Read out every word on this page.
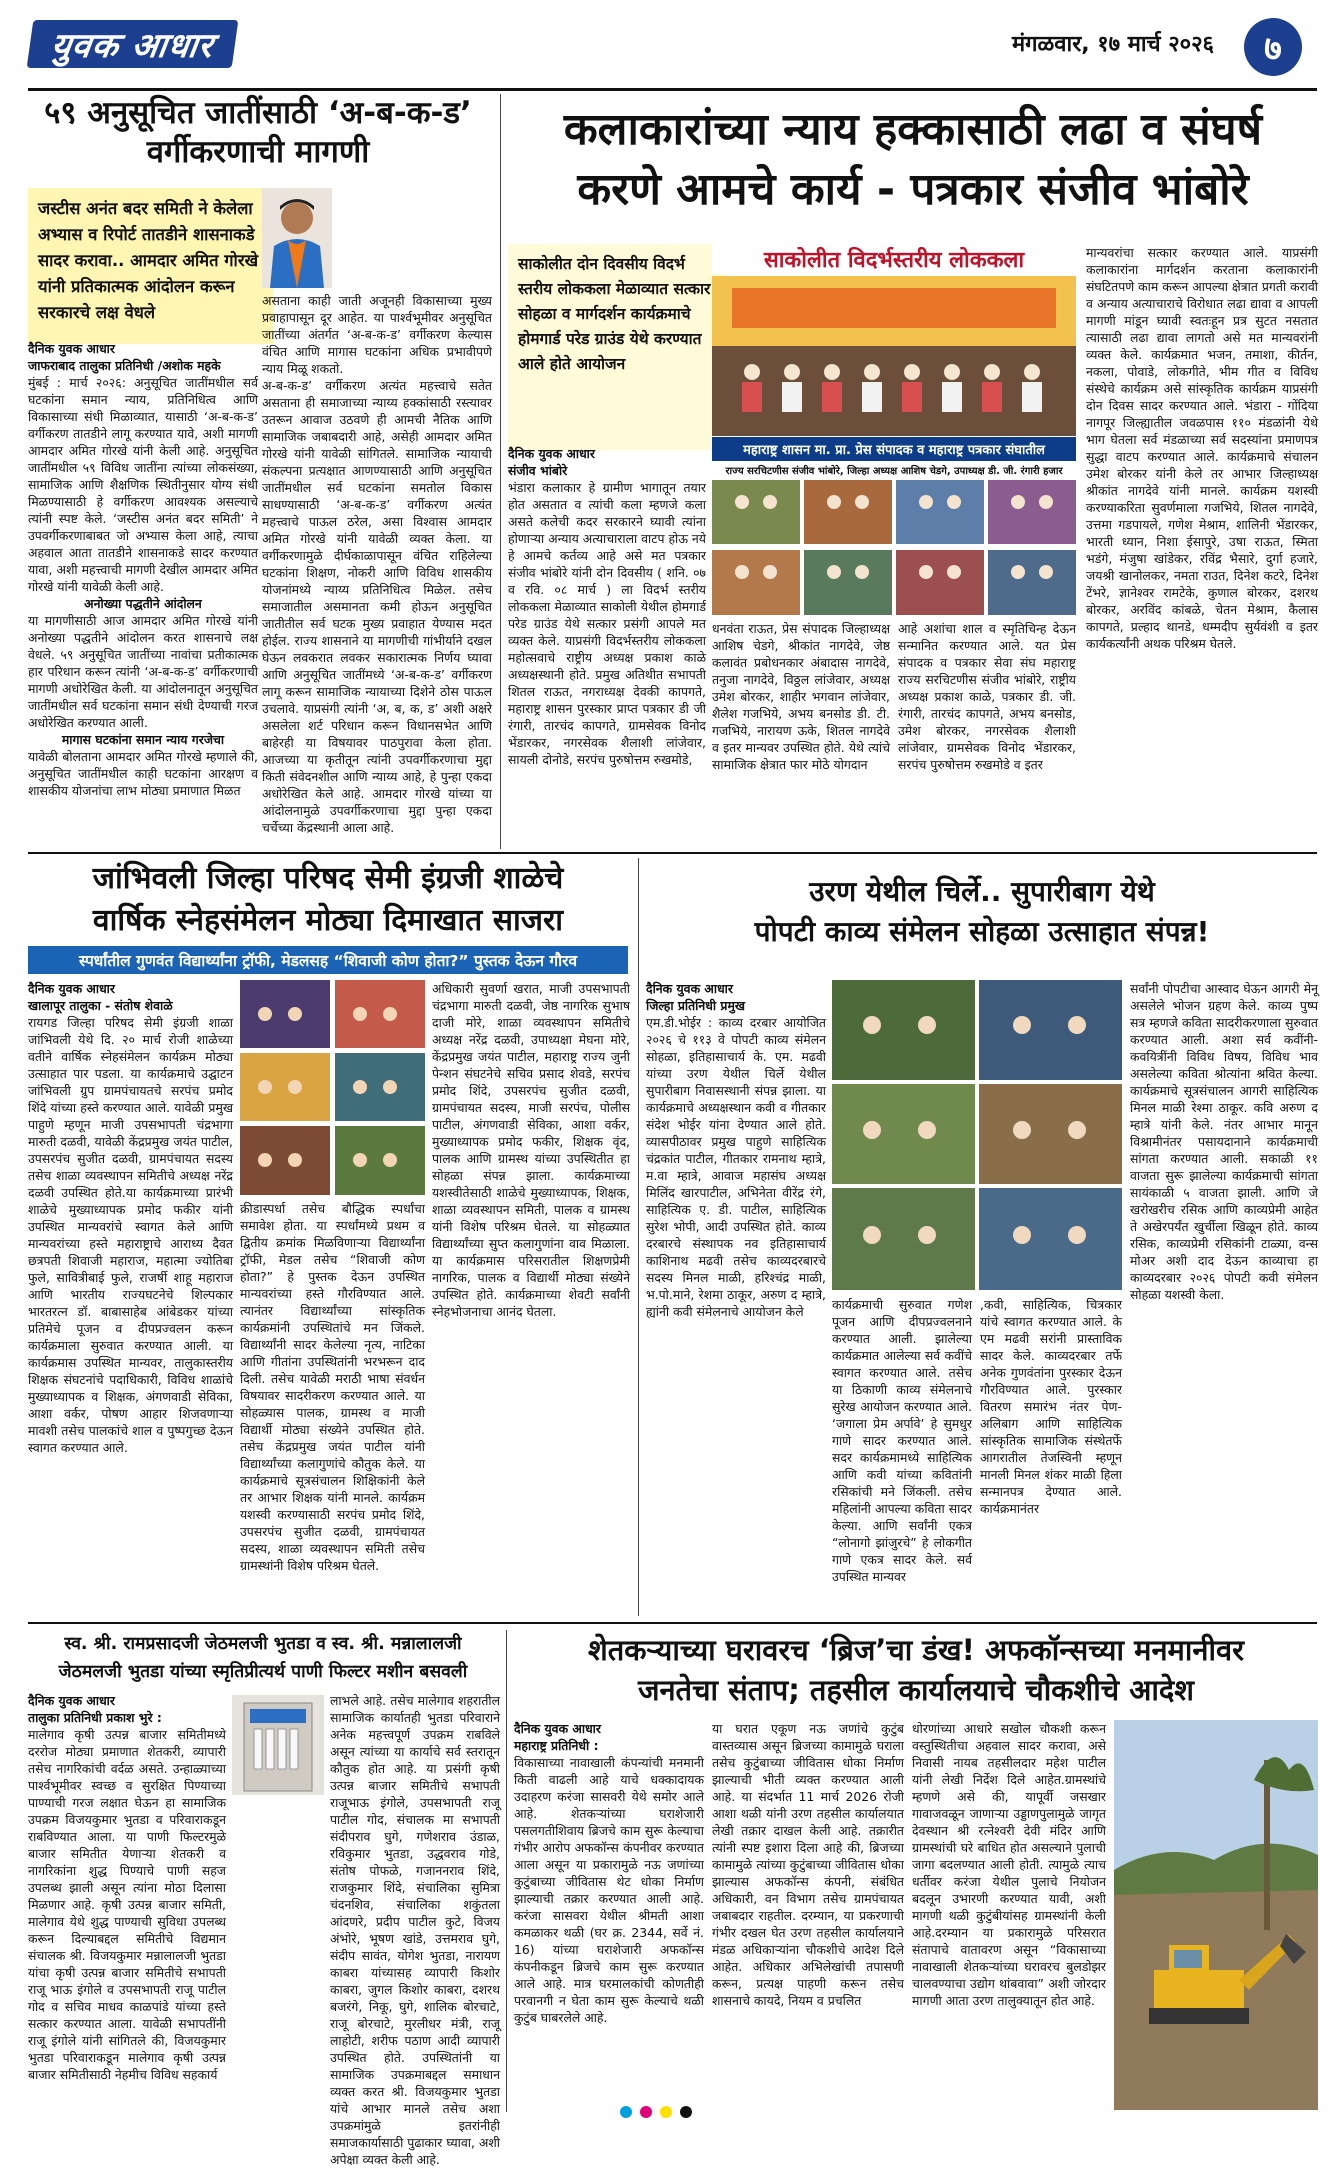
युवक आधार	मंगळवार, १७ मार्च २०२६	७
५९ अनुसूचित जातींसाठी ‘अ-ब-क-ड’ वर्गीकरणाची मागणी
जस्टीस अनंत बदर समिती ने केलेला अभ्यास व रिपोर्ट तातडीने शासनाकडे सादर करावा.. आमदार अमित गोरखे यांनी प्रतिकात्मक आंदोलन करून सरकारचे लक्ष वेधले
दैनिक युवक आधार
जाफराबाद तालुका प्रतिनिधी /अशोक महके

मुंबई : मार्च २०२६: अनुसूचित जातींमधील सर्व घटकांना समान न्याय, प्रतिनिधित्व आणि विकासाच्या संधी मिळाव्यात, यासाठी ‘अ-ब-क-ड’ वर्गीकरण तातडीने लागू करण्यात यावे, अशी मागणी आमदार अमित गोरखे यांनी केली आहे. अनुसूचित जातींमधील ५९ विविध जातींना त्यांच्या लोकसंख्या, सामाजिक आणि शैक्षणिक स्थितीनुसार योग्य संधी मिळण्यासाठी हे वर्गीकरण आवश्यक असल्याचे त्यांनी स्पष्ट केले. ‘जस्टीस अनंत बदर समिती’ ने उपवर्गीकरणाबाबत जो अभ्यास केला आहे, त्याचा अहवाल आता तातडीने शासनाकडे सादर करण्यात यावा, अशी महत्त्वाची मागणी देखील आमदार अमित गोरखे यांनी यावेळी केली आहे.

अनोख्या पद्धतीने आंदोलन

या मागणीसाठी आज आमदार अमित गोरखे यांनी अनोख्या पद्धतीने आंदोलन करत शासनाचे लक्ष वेधले. ५९ अनुसूचित जातींच्या नावांचा प्रतीकात्मक हार परिधान करून त्यांनी ‘अ-ब-क-ड’ वर्गीकरणाची मागणी अधोरेखित केली. या आंदोलनातून अनुसूचित जातींमधील सर्व घटकांना समान संधी देण्याची गरज अधोरेखित करण्यात आली.

मागास घटकांना समान न्याय गरजेचा

यावेळी बोलताना आमदार अमित गोरखे म्हणाले की, अनुसूचित जातींमधील काही घटकांना आरक्षण व शासकीय योजनांचा लाभ मोठ्या प्रमाणात मिळत

असताना काही जाती अजूनही विकासाच्या मुख्य प्रवाहापासून दूर आहेत. या पार्श्वभूमीवर अनुसूचित जातींच्या अंतर्गत ‘अ-ब-क-ड’ वर्गीकरण केल्यास वंचित आणि मागास घटकांना अधिक प्रभावीपणे न्याय मिळू शकतो.

अ-ब-क-ड’ वर्गीकरण अत्यंत महत्त्वाचे सतेत असताना ही समाजाच्या न्याय्य हक्कांसाठी रस्त्यावर उतरून आवाज उठवणे ही आमची नैतिक आणि सामाजिक जबाबदारी आहे, असेही आमदार अमित गोरखे यांनी यावेळी सांगितले. सामाजिक न्यायाची संकल्पना प्रत्यक्षात आणण्यासाठी आणि अनुसूचित जातींमधील सर्व घटकांना समतोल विकास साधण्यासाठी ‘अ-ब-क-ड’ वर्गीकरण अत्यंत महत्त्वाचे पाऊल ठरेल, असा विश्वास आमदार अमित गोरखे यांनी यावेळी व्यक्त केला. या वर्गीकरणामुळे दीर्घकाळापासून वंचित राहिलेल्या घटकांना शिक्षण, नोकरी आणि विविध शासकीय योजनांमध्ये न्याय्य प्रतिनिधित्व मिळेल. तसेच समाजातील असमानता कमी होऊन अनुसूचित जातीतील सर्व घटक मुख्य प्रवाहात येण्यास मदत होईल. राज्य शासनाने या मागणीची गांभीर्याने दखल घेऊन लवकरात लवकर सकारात्मक निर्णय घ्यावा आणि अनुसूचित जातींमध्ये ‘अ-ब-क-ड’ वर्गीकरण लागू करून सामाजिक न्यायाच्या दिशेने ठोस पाऊल उचलावे. याप्रसंगी त्यांनी ‘अ, ब, क, ड’ अशी अक्षरे असलेला शर्ट परिधान करून विधानसभेत आणि बाहेरही या विषयावर पाठपुरावा केला होता. आजच्या या कृतीतून त्यांनी उपवर्गीकरणाचा मुद्दा किती संवेदनशील आणि न्याय्य आहे, हे पुन्हा एकदा अधोरेखित केले आहे. आमदार गोरखे यांच्या या आंदोलनामुळे उपवर्गीकरणाचा मुद्दा पुन्हा एकदा चर्चेच्या केंद्रस्थानी आला आहे.

कलाकारांच्या न्याय हक्कासाठी लढा व संघर्ष
करणे आमचे कार्य - पत्रकार संजीव भांबोरे
साकोलीत दोन दिवसीय विदर्भ स्तरीय लोककला मेळाव्यात सत्कार सोहळा व मार्गदर्शन कार्यक्रमाचे होमगार्ड परेड ग्राउंड येथे करण्यात आले होते आयोजन
साकोलीत विदर्भस्तरीय लोककला
महाराष्ट्र शासन मा. प्रा. प्रेस संपादक व महाराष्ट्र पत्रकार संघातील
राज्य सरचिटणीस संजीव भांबोरे, जिल्हा अध्यक्ष आशिष चेडगे, उपाध्यक्ष डी. जी. रंगारी हजार
दैनिक युवक आधार
संजीव भांबोरे

भंडारा कलाकार हे ग्रामीण भागातून तयार होत असतात व त्यांची कला म्हणजे कला असते कलेची कदर सरकारने घ्यावी त्यांना होणाऱ्या अन्याय अत्याचाराला वाटप होऊ नये हे आमचे कर्तव्य आहे असे मत पत्रकार संजीव भांबोरे यांनी दोन दिवसीय ( शनि. ०७ व रवि. ०८ मार्च ) ला विदर्भ स्तरीय लोककला मेळाव्यात साकोली येथील होमगार्ड परेड ग्राउंड येथे सत्कार प्रसंगी आपले मत व्यक्त केले. याप्रसंगी विदर्भस्तरीय लोककला महोत्सवाचे राष्ट्रीय अध्यक्ष प्रकाश काळे अध्यक्षस्थानी होते. प्रमुख अतिथीत सभापती शितल राऊत, नगराध्यक्ष देवकी कापगते, महाराष्ट्र शासन पुरस्कार प्राप्त पत्रकार डी जी रंगारी, तारचंद कापगते, ग्रामसेवक विनोद भेंडारकर, नगरसेवक शैलाशी लांजेवार, सायली दोनोडे, सरपंच पुरुषोत्तम रुखमोडे,

धनवंता राऊत, प्रेस संपादक जिल्हाध्यक्ष आशिष चेडगे, श्रीकांत नागदेवे, जेष्ठ कलावंत प्रबोधनकार अंबादास नागदेवे, तनुजा नागदेवे, विठ्ठल लांजेवार, अध्यक्ष उमेश बोरकर, शाहीर भगवान लांजेवार, शैलेश गजभिये, अभय बनसोड डी. टी. गजभिये, नारायण ऊके, शितल नागदेवे व इतर मान्यवर उपस्थित होते. येथे त्यांचे सामाजिक क्षेत्रात फार मोठे योगदान
आहे अशांचा शाल व स्मृतिचिन्ह देऊन सन्मानित करण्यात आले. यत प्रेस संपादक व पत्रकार सेवा संघ महाराष्ट्र राज्य सरचिटणीस संजीव भांबोरे, राष्ट्रीय अध्यक्ष प्रकाश काळे, पत्रकार डी. जी. रंगारी, तारचंद कापगते, अभय बनसोड, उमेश बोरकर, नगरसेवक शैलाशी लांजेवार, ग्रामसेवक विनोद भेंडारकर, सरपंच पुरुषोत्तम रुखमोडे व इतर
मान्यवरांचा सत्कार करण्यात आले. याप्रसंगी कलाकारांना मार्गदर्शन करताना कलाकारांनी संघटितपणे काम करून आपल्या क्षेत्रात प्रगती करावी व अन्याय अत्याचाराचे विरोधात लढा द्यावा व आपली मागणी मांडून घ्यावी स्वतःहून प्रत्र सुटत नसतात त्यासाठी लढा द्यावा लागतो असे मत मान्यवरांनी व्यक्त केले. कार्यक्रमात भजन, तमाशा, कीर्तन, नकला, पोवाडे, लोकगीते, भीम गीत व विविध संस्थेचे कार्यक्रम असे सांस्कृतिक कार्यक्रम याप्रसंगी दोन दिवस सादर करण्यात आले. भंडारा - गोंदिया नागपूर जिल्ह्यातील जवळपास ११० मंडळांनी येथे भाग घेतला सर्व मंडळाच्या सर्व सदस्यांना प्रमाणपत्र सुद्धा वाटप करण्यात आले. कार्यक्रमाचे संचालन उमेश बोरकर यांनी केले तर आभार जिल्हाध्यक्ष श्रीकांत नागदेवे यांनी मानले. कार्यक्रम यशस्वी करण्याकरिता सुवर्णमाला गजभिये, शितल नागदेवे, उत्तमा गडपायले, गणेश मेश्राम, शालिनी भेंडारकर, भारती ध्यान, निशा ईसापुरे, उषा राऊत, स्मिता भडंगे, मंजुषा खांडेकर, रविंद्र भैसारे, दुर्गा हजारे, जयश्री खानोलकर, नमता राउत, दिनेश कटरे, दिनेश टेंभरे, ज्ञानेश्वर रामटेके, कुणाल बोरकर, दशरथ बोरकर, अरविंद कांबळे, चेतन मेश्राम, कैलास कापगते, प्रल्हाद थानडे, धम्मदीप सुर्यवंशी व इतर कार्यकर्त्यांनी अथक परिश्रम घेतले.
जांभिवली जिल्हा परिषद सेमी इंग्रजी शाळेचे
वार्षिक स्नेहसंमेलन मोठ्या दिमाखात साजरा
स्पर्धांतील गुणवंत विद्यार्थ्यांना ट्रॉफी, मेडलसह “शिवाजी कोण होता?” पुस्तक देऊन गौरव
दैनिक युवक आधार
खालापूर तालुका - संतोष शेवाळे

रायगड जिल्हा परिषद सेमी इंग्रजी शाळा जांभिवली येथे दि. २० मार्च रोजी शाळेच्या वतीने वार्षिक स्नेहसंमेलन कार्यक्रम मोठ्या उत्साहात पार पडला. या कार्यक्रमाचे उद्घाटन जांभिवली ग्रुप ग्रामपंचायतचे सरपंच प्रमोद शिंदे यांच्या हस्ते करण्यात आले. यावेळी प्रमुख पाहुणे म्हणून माजी उपसभापती चंद्रभागा मारुती दळवी, यावेळी केंद्रप्रमुख जयंत पाटील, उपसरपंच सुजीत दळवी, ग्रामपंचायत सदस्य तसेच शाळा व्यवस्थापन समितीचे अध्यक्ष नरेंद्र दळवी उपस्थित होते.या कार्यक्रमाच्या प्रारंभी शाळेचे मुख्याध्यापक प्रमोद फकीर यांनी उपस्थित मान्यवरांचे स्वागत केले आणि मान्यवरांच्या हस्ते महाराष्ट्राचे आराध्य दैवत छत्रपती शिवाजी महाराज, महात्मा ज्योतिबा फुले, सावित्रीबाई फुले, राजर्षी शाहू महाराज आणि भारतीय राज्यघटनेचे शिल्पकार भारतरत्न डॉ. बाबासाहेब आंबेडकर यांच्या प्रतिमेचे पूजन व दीपप्रज्वलन करून कार्यक्रमाला सुरुवात करण्यात आली. या कार्यक्रमास उपस्थित मान्यवर, तालुकास्तरीय शिक्षक संघटनांचे पदाधिकारी, विविध शाळांचे मुख्याध्यापक व शिक्षक, अंगणवाडी सेविका, आशा वर्कर, पोषण आहार शिजवणाऱ्या मावशी तसेच पालकांचे शाल व पुष्पगुच्छ देऊन स्वागत करण्यात आले.

क्रीडास्पर्धा तसेच बौद्धिक स्पर्धांचा समावेश होता. या स्पर्धांमध्ये प्रथम व द्वितीय क्रमांक मिळविणाऱ्या विद्यार्थ्यांना ट्रॉफी, मेडल तसेच “शिवाजी कोण होता?” हे पुस्तक देऊन उपस्थित मान्यवरांच्या हस्ते गौरविण्यात आले. त्यानंतर विद्यार्थ्यांच्या सांस्कृतिक कार्यक्रमांनी उपस्थितांचे मन जिंकले. विद्यार्थ्यांनी सादर केलेल्या नृत्य, नाटिका आणि गीतांना उपस्थितांनी भरभरून दाद दिली. तसेच यावेळी मराठी भाषा संवर्धन विषयावर सादरीकरण करण्यात आले. या सोहळ्यास पालक, ग्रामस्थ व माजी विद्यार्थी मोठ्या संख्येने उपस्थित होते. तसेच केंद्रप्रमुख जयंत पाटील यांनी विद्यार्थ्यांच्या कलागुणांचे कौतुक केले. या कार्यक्रमाचे सूत्रसंचालन शिक्षिकांनी केले तर आभार शिक्षक यांनी मानले. कार्यक्रम यशस्वी करण्यासाठी सरपंच प्रमोद शिंदे, उपसरपंच सुजीत दळवी, ग्रामपंचायत सदस्य, शाळा व्यवस्थापन समिती तसेच ग्रामस्थांनी विशेष परिश्रम घेतले.
अधिकारी सुवर्णा खरात, माजी उपसभापती चंद्रभागा मारुती दळवी, जेष्ठ नागरिक सुभाष दाजी मोरे, शाळा व्यवस्थापन समितीचे अध्यक्ष नरेंद्र दळवी, उपाध्यक्षा मेघना मोरे, केंद्रप्रमुख जयंत पाटील, महाराष्ट्र राज्य जुनी पेन्शन संघटनेचे सचिव प्रसाद शेवडे, सरपंच प्रमोद शिंदे, उपसरपंच सुजीत दळवी, ग्रामपंचायत सदस्य, माजी सरपंच, पोलीस पाटील, अंगणवाडी सेविका, आशा वर्कर, मुख्याध्यापक प्रमोद फकीर, शिक्षक वृंद, पालक आणि ग्रामस्थ यांच्या उपस्थितीत हा सोहळा संपन्न झाला. कार्यक्रमाच्या यशस्वीतेसाठी शाळेचे मुख्याध्यापक, शिक्षक, शाळा व्यवस्थापन समिती, पालक व ग्रामस्थ यांनी विशेष परिश्रम घेतले. या सोहळ्यात विद्यार्थ्यांच्या सुप्त कलागुणांना वाव मिळाला. या कार्यक्रमास परिसरातील शिक्षणप्रेमी नागरिक, पालक व विद्यार्थी मोठ्या संख्येने उपस्थित होते. कार्यक्रमाच्या शेवटी सर्वांनी स्नेहभोजनाचा आनंद घेतला.
उरण येथील चिर्ले.. सुपारीबाग येथे
पोपटी काव्य संमेलन सोहळा उत्साहात संपन्न!
दैनिक युवक आधार
जिल्हा प्रतिनिधी प्रमुख

एम.डी.भोईर : काव्य दरबार आयोजित २०२६ चे ११३ वे पोपटी काव्य संमेलन सोहळा, इतिहासाचार्य के. एम. मढवी यांच्या उरण येथील चिर्ले येथील सुपारीबाग निवासस्थानी संपन्न झाला. या कार्यक्रमाचे अध्यक्षस्थान कवी व गीतकार संदेश भोईर यांना देण्यात आले होते. व्यासपीठावर प्रमुख पाहुणे साहित्यिक चंद्रकांत पाटील, गीतकार रामनाथ म्हात्रे, म.वा म्हात्रे, आवाज महासंघ अध्यक्ष मिलिंद खारपाटील, अभिनेता वीरेंद्र रंगे, साहित्यिक ए. डी. पाटील, साहित्यिक सुरेश भोपी, आदी उपस्थित होते. काव्य दरबारचे संस्थापक नव इतिहासाचार्य काशिनाथ मढवी तसेच काव्यदरबारचे सदस्य मिनल माळी, हरिश्चंद्र माळी, भ.पो.माने, रेशमा ठाकूर, अरुण द म्हात्रे, ह्यांनी कवी संमेलनाचे आयोजन केले	कार्यक्रमाची सुरुवात गणेश पूजन आणि दीपप्रज्वलनाने करण्यात आली. झालेल्या कार्यक्रमात आलेल्या सर्व कवींचे स्वागत करण्यात आले. तसेच या ठिकाणी काव्य संमेलनाचे सुरेख आयोजन करण्यात आले. ‘जगाला प्रेम अर्पावे’ हे सुमधुर गाणे सादर करण्यात आले. सदर कार्यक्रमामध्ये साहित्यिक आणि कवी यांच्या कवितांनी रसिकांची मने जिंकली. तसेच महिलांनी आपल्या कविता सादर केल्या. आणि सर्वांनी एकत्र “लोनागो झांजुरचे” हे लोकगीत गाणे एकत्र सादर केले. सर्व उपस्थित मान्यवर
,कवी, साहित्यिक, चित्रकार यांचे स्वागत करण्यात आले. के एम मढवी सरांनी प्रास्ताविक सादर केले. काव्यदरबार तर्फे अनेक गुणवंतांना पुरस्कार देऊन गौरविण्यात आले. पुरस्कार वितरण समारंभ नंतर पेण- अलिबाग आणि साहित्यिक सांस्कृतिक सामाजिक संस्थेतर्फे आगरातील तेजस्विनी म्हणून मानली मिनल शंकर माळी हिला सन्मानपत्र देण्यात आले. कार्यक्रमानंतर
सर्वांनी पोपटीचा आस्वाद घेऊन आगरी मेनू असलेले भोजन ग्रहण केले. काव्य पुष्प सत्र म्हणजे कविता सादरीकरणाला सुरुवात करण्यात आली. अशा सर्व कवींनी-कवयित्रींनी विविध विषय, विविध भाव असलेल्या कविता श्रोत्यांना श्रवित केल्या. कार्यक्रमाचे सूत्रसंचालन आगरी साहित्यिक मिनल माळी रेश्मा ठाकूर. कवि अरुण द म्हात्रे यांनी केले. नंतर आभार मानून विश्रामीनंतर पसायदानाने कार्यक्रमाची सांगता करण्यात आली. सकाळी ११ वाजता सुरू झालेल्या कार्यक्रमाची सांगता सायंकाळी ५ वाजता झाली. आणि जे खरोखरीच रसिक आणि काव्यप्रेमी आहेत ते अखेरपर्यंत खुर्चीला खिळून होते. काव्य रसिक, काव्यप्रेमी रसिकांनी टाळ्या, वन्स मोअर अशी दाद देऊन काव्याचा हा काव्यदरबार २०२६ पोपटी कवी संमेलन सोहळा यशस्वी केला.
स्व. श्री. रामप्रसादजी जेठमलजी भुतडा व स्व. श्री. मन्नालालजी
जेठमलजी भुतडा यांच्या स्मृतिप्रीत्यर्थ पाणी फिल्टर मशीन बसवली
दैनिक युवक आधार
तालुका प्रतिनिधी प्रकाश भुरे :

मालेगाव कृषी उत्पन्न बाजार समितीमध्ये दररोज मोठ्या प्रमाणात शेतकरी, व्यापारी तसेच नागरिकांची वर्दळ असते. उन्हाळ्याच्या पार्श्वभूमीवर स्वच्छ व सुरक्षित पिण्याच्या पाण्याची गरज लक्षात घेऊन हा सामाजिक उपक्रम विजयकुमार भुतडा व परिवाराकडून राबविण्यात आला. या पाणी फिल्टरमुळे बाजार समितीत येणाऱ्या शेतकरी व नागरिकांना शुद्ध पिण्याचे पाणी सहज उपलब्ध झाली असून त्यांना मोठा दिलासा मिळणार आहे. कृषी उत्पन्न बाजार समिती, मालेगाव येथे शुद्ध पाण्याची सुविधा उपलब्ध करून दिल्याबद्दल समितीचे विद्यमान संचालक श्री. विजयकुमार मन्नालालजी भुतडा यांचा कृषी उत्पन्न बाजार समितीचे सभापती राजू भाऊ इंगोले व उपसभापती राजू पाटील गोद व सचिव माधव काळपांडे यांच्या हस्ते सत्कार करण्यात आला. यावेळी सभापतींनी राजू इंगोले यांनी सांगितले की, विजयकुमार भुतडा परिवाराकडून मालेगाव कृषी उत्पन्न बाजार समितीसाठी नेहमीच विविध सहकार्य

लाभले आहे. तसेच मालेगाव शहरातील सामाजिक कार्यातही भुतडा परिवाराने अनेक महत्त्वपूर्ण उपक्रम राबविले असून त्यांच्या या कार्याचे सर्व स्तरातून कौतुक होत आहे. या प्रसंगी कृषी उत्पन्न बाजार समितीचे सभापती राजूभाऊ इंगोले, उपसभापती राजू पाटील गोद, संचालक मा सभापती संदीपराव घुगे, गणेशराव उंडाळ, रविकुमार भुतडा, उद्धवराव गोडे, संतोष पोफळे, गजाननराव शिंदे, राजकुमार शिंदे, संचालिका सुमित्रा चंदनशिव, संचालिका शकुंतला आंदणरे, प्रदीप पाटील कुटे, विजय अंभोरे, भूषण खांडे, उत्तमराव घुगे, संदीप सावंत, योगेश भुतडा, नारायण काबरा यांच्यासह व्यापारी किशोर काबरा, जुगल किशोर काबरा, दशरथ बजरंगे, निकू, घुगे, शालिक बोरचाटे, राजू बोरचाटे, मुरलीधर मंत्री, राजू लाहोटी, शरीफ पठाण आदी व्यापारी उपस्थित होते. उपस्थितांनी या सामाजिक उपक्रमाबद्दल समाधान व्यक्त करत श्री. विजयकुमार भुतडा यांचे आभार मानले तसेच अशा उपक्रमांमुळे इतरांनीही समाजकार्यासाठी पुढाकार घ्यावा, अशी अपेक्षा व्यक्त केली आहे.
शेतकऱ्याच्या घरावरच ‘ब्रिज’चा डंख! अफकॉन्सच्या मनमानीवर
जनतेचा संताप; तहसील कार्यालयाचे चौकशीचे आदेश
दैनिक युवक आधार
महाराष्ट्र प्रतिनिधी :

विकासाच्या नावाखाली कंपन्यांची मनमानी किती वाढली आहे याचे धक्कादायक उदाहरण करंजा सासवरी येथे समोर आले आहे. शेतकऱ्यांच्या घराशेजारी पसलगतीशिवाय ब्रिजचे काम सुरू केल्याचा गंभीर आरोप अफकॉन्स कंपनीवर करण्यात आला असून या प्रकारामुळे नऊ जणांच्या कुटुंबाच्या जीवितास थेट धोका निर्माण झाल्याची तक्रार करण्यात आली आहे. करंजा सासवरा येथील श्रीमती आशा कमळाकर थळी (घर क्र. 2344, सर्वे नं. 16) यांच्या घराशेजारी अफकॉन्स कंपनीकडून ब्रिजचे काम सुरू करण्यात आले आहे. मात्र घरमालकांची कोणतीही परवानगी न घेता काम सुरू केल्याचे थळी कुटुंब घाबरलेले आहे.

या घरात एकूण नऊ जणांचे कुटुंब वास्तव्यास असून ब्रिजच्या कामामुळे घराला तसेच कुटुंबाच्या जीवितास धोका निर्माण झाल्याची भीती व्यक्त करण्यात आली आहे. या संदर्भात 11 मार्च 2026 रोजी आशा थळी यांनी उरण तहसील कार्यालयात लेखी तक्रार दाखल केली आहे. तक्रारीत त्यांनी स्पष्ट इशारा दिला आहे की, ब्रिजच्या कामामुळे त्यांच्या कुटुंबाच्या जीवितास धोका झाल्यास अफकॉन्स कंपनी, संबंधित अधिकारी, वन विभाग तसेच ग्रामपंचायत जबाबदार राहतील. दरम्यान, या प्रकरणाची गंभीर दखल घेत उरण तहसील कार्यालयाने मंडळ अधिकाऱ्यांना चौकशीचे आदेश दिले आहेत. अधिकार अभिलेखांची तपासणी करून, प्रत्यक्ष पाहणी करून तसेच शासनाचे कायदे, नियम व प्रचलित
धोरणांच्या आधारे सखोल चौकशी करून वस्तुस्थितीचा अहवाल सादर करावा, असे निवासी नायब तहसीलदार महेश पाटील यांनी लेखी निर्देश दिले आहेत.ग्रामस्थांचे म्हणणे असे की, यापूर्वी जसखार गावाजवळून जाणाऱ्या उड्डाणपुलामुळे जागृत देवस्थान श्री रत्नेश्वरी देवी मंदिर आणि ग्रामस्थांची घरे बाधित होत असल्याने पुलाची जागा बदलण्यात आली होती. त्यामुळे त्याच धर्तीवर करंजा येथील पुलाचे नियोजन बदलून उभारणी करण्यात यावी, अशी मागणी थळी कुटुंबीयांसह ग्रामस्थांनी केली आहे.दरम्यान या प्रकारामुळे परिसरात संतापाचे वातावरण असून “विकासाच्या नावाखाली शेतकऱ्यांच्या घरावरच बुलडोझर चालवण्याचा उद्योग थांबवावा” अशी जोरदार मागणी आता उरण तालुक्यातून होत आहे.
